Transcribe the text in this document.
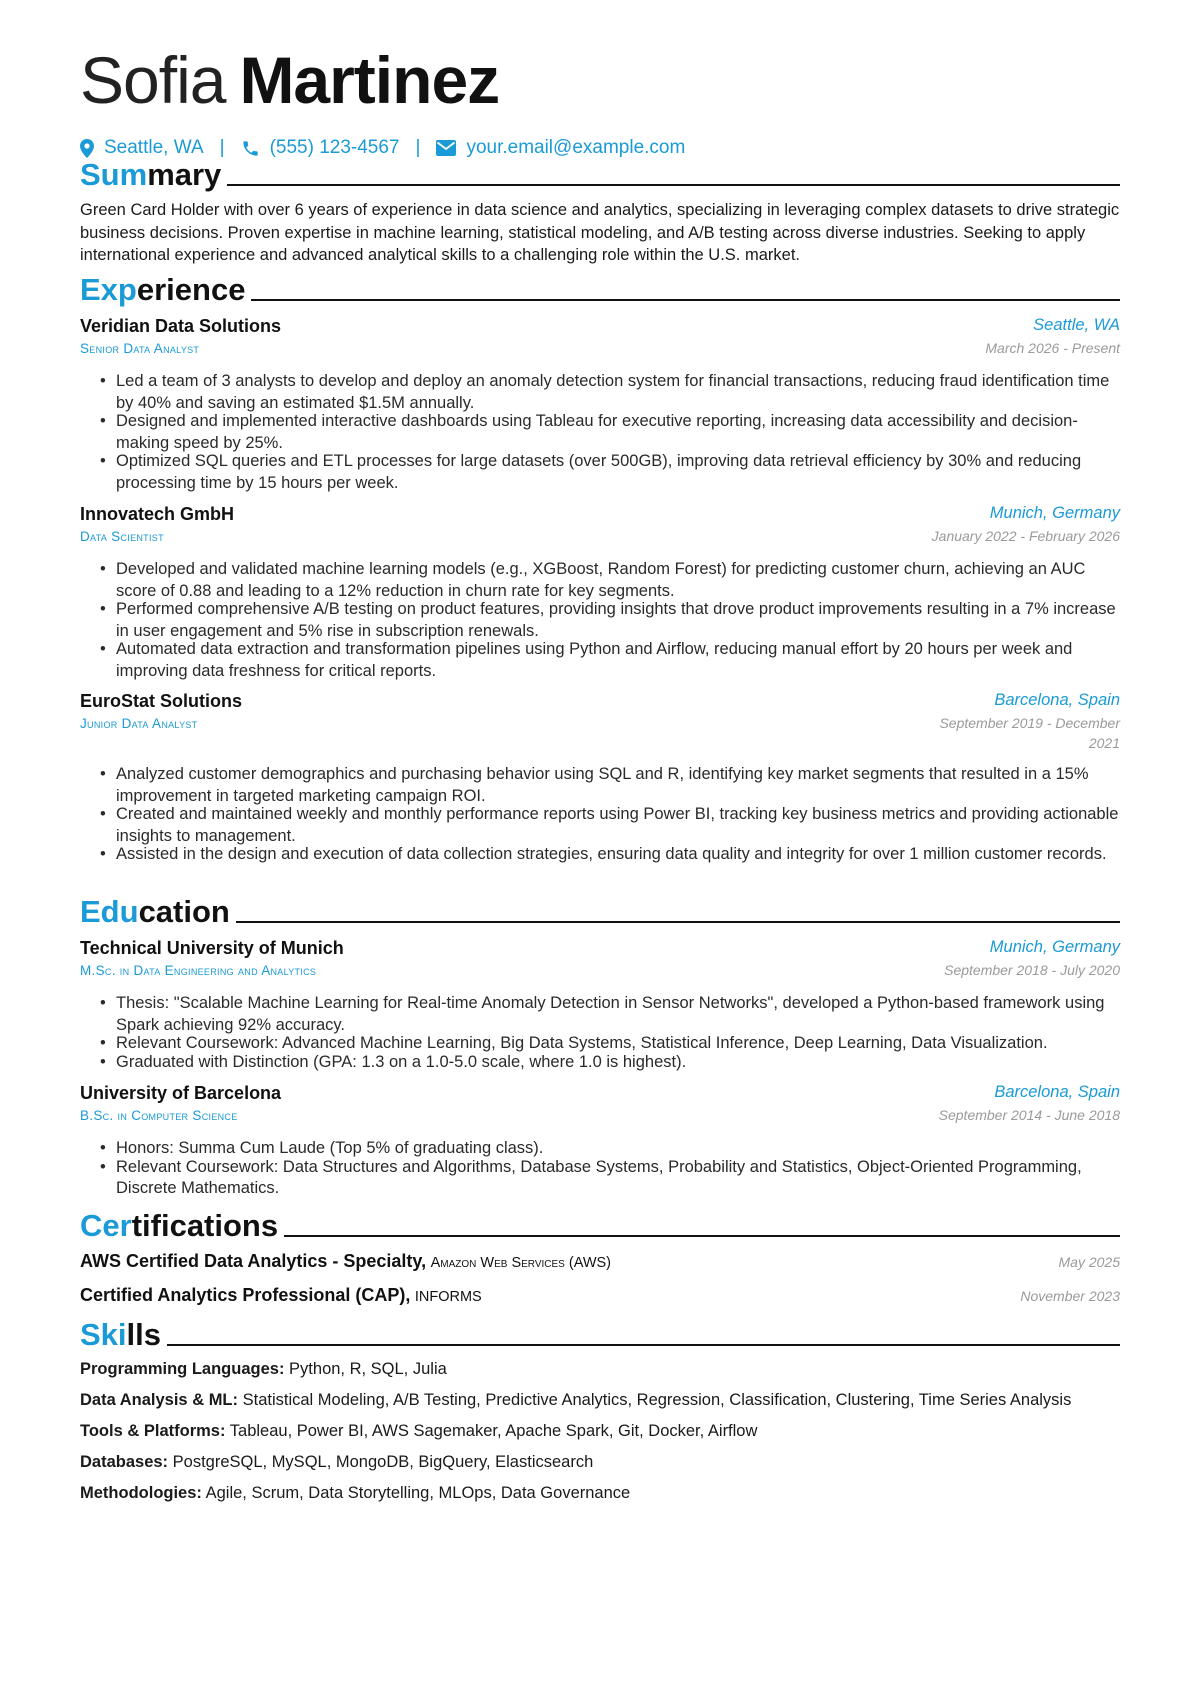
Sofia Martinez
Seattle, WA | (555) 123-4567 | your.email@example.com
Summary
Green Card Holder with over 6 years of experience in data science and analytics, specializing in leveraging complex datasets to drive strategic business decisions. Proven expertise in machine learning, statistical modeling, and A/B testing across diverse industries. Seeking to apply international experience and advanced analytical skills to a challenging role within the U.S. market.
Experience
Veridian Data Solutions
Senior Data Analyst
Seattle, WA
March 2026 - Present
• Led a team of 3 analysts to develop and deploy an anomaly detection system for financial transactions, reducing fraud identification time by 40% and saving an estimated $1.5M annually.
• Designed and implemented interactive dashboards using Tableau for executive reporting, increasing data accessibility and decision-making speed by 25%.
• Optimized SQL queries and ETL processes for large datasets (over 500GB), improving data retrieval efficiency by 30% and reducing processing time by 15 hours per week.
Innovatech GmbH
Data Scientist
Munich, Germany
January 2022 - February 2026
• Developed and validated machine learning models (e.g., XGBoost, Random Forest) for predicting customer churn, achieving an AUC score of 0.88 and leading to a 12% reduction in churn rate for key segments.
• Performed comprehensive A/B testing on product features, providing insights that drove product improvements resulting in a 7% increase in user engagement and 5% rise in subscription renewals.
• Automated data extraction and transformation pipelines using Python and Airflow, reducing manual effort by 20 hours per week and improving data freshness for critical reports.
EuroStat Solutions
Junior Data Analyst
Barcelona, Spain
September 2019 - December 2021
• Analyzed customer demographics and purchasing behavior using SQL and R, identifying key market segments that resulted in a 15% improvement in targeted marketing campaign ROI.
• Created and maintained weekly and monthly performance reports using Power BI, tracking key business metrics and providing actionable insights to management.
• Assisted in the design and execution of data collection strategies, ensuring data quality and integrity for over 1 million customer records.
Education
Technical University of Munich
M.Sc. in Data Engineering and Analytics
Munich, Germany
September 2018 - July 2020
• Thesis: "Scalable Machine Learning for Real-time Anomaly Detection in Sensor Networks", developed a Python-based framework using Spark achieving 92% accuracy.
• Relevant Coursework: Advanced Machine Learning, Big Data Systems, Statistical Inference, Deep Learning, Data Visualization.
• Graduated with Distinction (GPA: 1.3 on a 1.0-5.0 scale, where 1.0 is highest).
University of Barcelona
B.Sc. in Computer Science
Barcelona, Spain
September 2014 - June 2018
• Honors: Summa Cum Laude (Top 5% of graduating class).
• Relevant Coursework: Data Structures and Algorithms, Database Systems, Probability and Statistics, Object-Oriented Programming, Discrete Mathematics.
Certifications
AWS Certified Data Analytics - Specialty, Amazon Web Services (AWS)	May 2025
Certified Analytics Professional (CAP), INFORMS	November 2023
Skills
Programming Languages: Python, R, SQL, Julia
Data Analysis & ML: Statistical Modeling, A/B Testing, Predictive Analytics, Regression, Classification, Clustering, Time Series Analysis
Tools & Platforms: Tableau, Power BI, AWS Sagemaker, Apache Spark, Git, Docker, Airflow
Databases: PostgreSQL, MySQL, MongoDB, BigQuery, Elasticsearch
Methodologies: Agile, Scrum, Data Storytelling, MLOps, Data Governance
